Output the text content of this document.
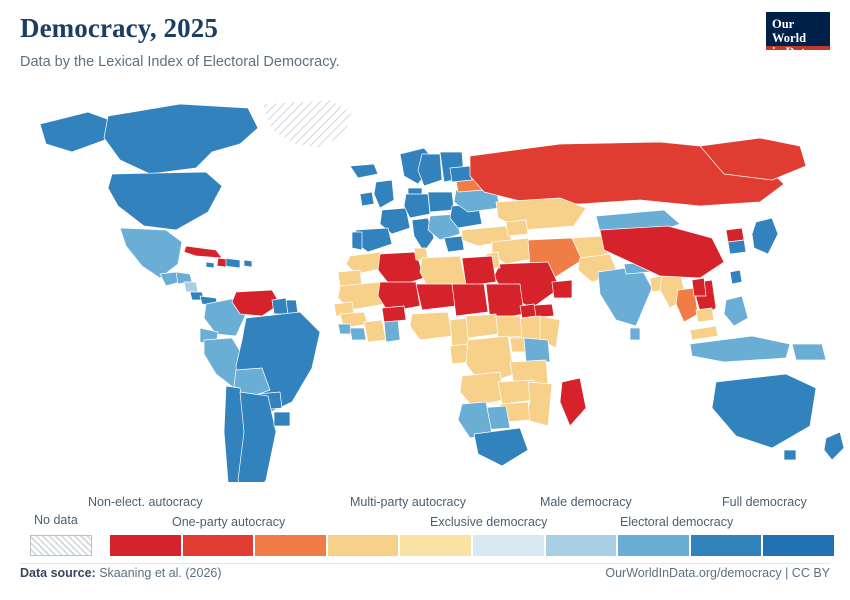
Democracy, 2025
Data by the Lexical Index of Electoral Democracy.
Our World
in Data
Non-elect. autocracy
One-party autocracy
Multi-party autocracy
Exclusive democracy
Male democracy
Electoral democracy
Full democracy
No data
Data source: Skaaning et al. (2026)	OurWorldInData.org/democracy | CC BY
